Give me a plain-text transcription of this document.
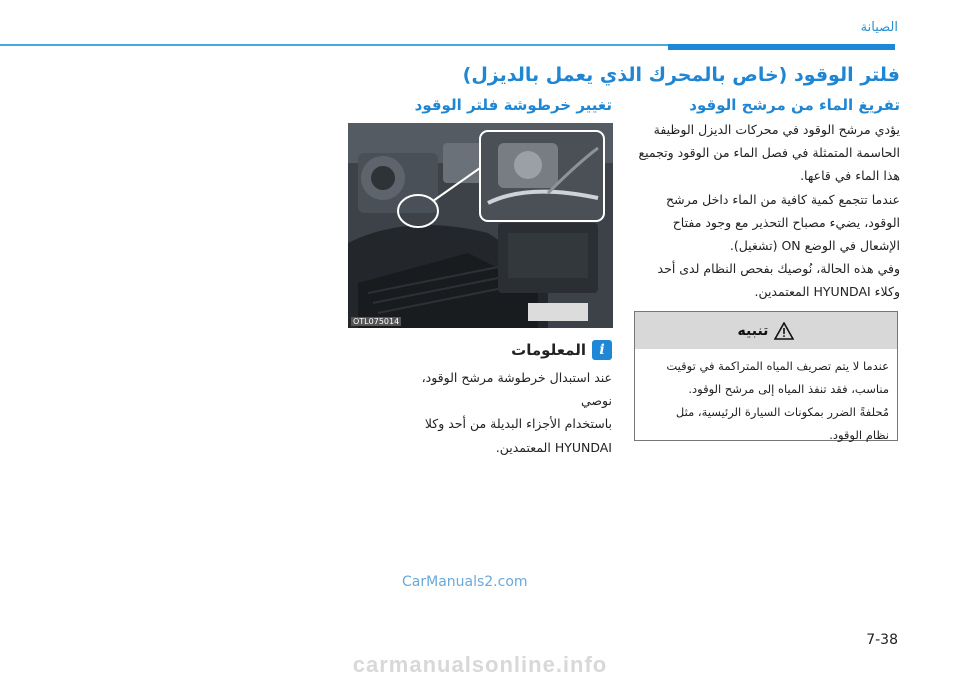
الصيانة
فلتر الوقود (خاص بالمحرك الذي يعمل بالديزل)
تفريغ الماء من مرشح الوقود

يؤدي مرشح الوقود في محركات الديزل الوظيفة

الحاسمة المتمثلة في فصل الماء من الوقود وتجميع

هذا الماء في قاعها.

عندما تتجمع كمية كافية من الماء داخل مرشح

الوقود، يضيء مصباح التحذير مع وجود مفتاح

الإشعال في الوضع ON (تشغيل).

وفي هذه الحالة، نُوصيك بفحص النظام لدى أحد

وكلاء HYUNDAI المعتمدين.

تغيير خرطوشة فلتر الوقود
OTL075014
المعلومات i
عند استبدال خرطوشة مرشح الوقود، نوصي
باستخدام الأجزاء البديلة من أحد وكلا
HYUNDAI المعتمدين.
تنبيه
عندما لا يتم تصريف المياه المتراكمة في توقيت
مناسب، فقد تنفذ المياه إلى مرشح الوقود.
مُحلفةً الضرر بمكونات السيارة الرئيسية، مثل
نظام الوقود.
CarManuals2.com
7-38
carmanualsonline.info
